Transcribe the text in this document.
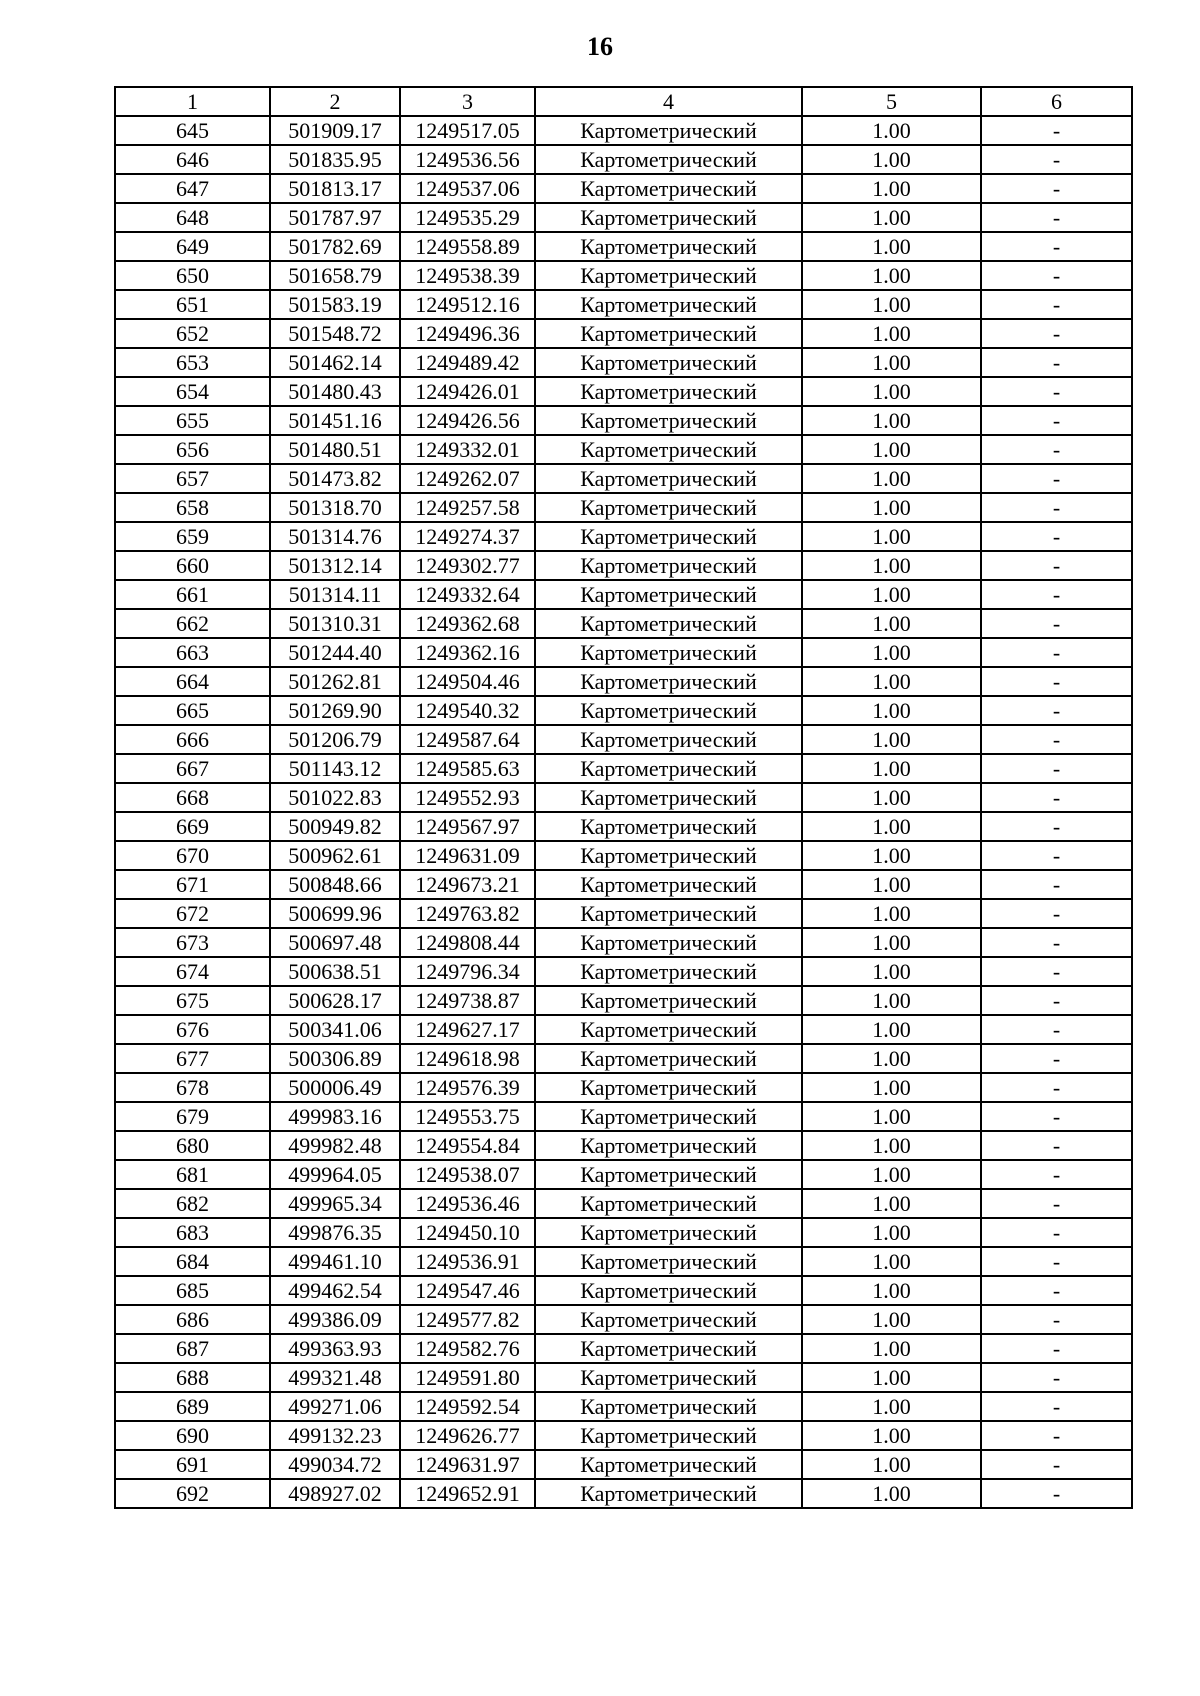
16
1	2	3	4	5	6
645	501909.17	1249517.05	Картометрический	1.00	-
646	501835.95	1249536.56	Картометрический	1.00	-
647	501813.17	1249537.06	Картометрический	1.00	-
648	501787.97	1249535.29	Картометрический	1.00	-
649	501782.69	1249558.89	Картометрический	1.00	-
650	501658.79	1249538.39	Картометрический	1.00	-
651	501583.19	1249512.16	Картометрический	1.00	-
652	501548.72	1249496.36	Картометрический	1.00	-
653	501462.14	1249489.42	Картометрический	1.00	-
654	501480.43	1249426.01	Картометрический	1.00	-
655	501451.16	1249426.56	Картометрический	1.00	-
656	501480.51	1249332.01	Картометрический	1.00	-
657	501473.82	1249262.07	Картометрический	1.00	-
658	501318.70	1249257.58	Картометрический	1.00	-
659	501314.76	1249274.37	Картометрический	1.00	-
660	501312.14	1249302.77	Картометрический	1.00	-
661	501314.11	1249332.64	Картометрический	1.00	-
662	501310.31	1249362.68	Картометрический	1.00	-
663	501244.40	1249362.16	Картометрический	1.00	-
664	501262.81	1249504.46	Картометрический	1.00	-
665	501269.90	1249540.32	Картометрический	1.00	-
666	501206.79	1249587.64	Картометрический	1.00	-
667	501143.12	1249585.63	Картометрический	1.00	-
668	501022.83	1249552.93	Картометрический	1.00	-
669	500949.82	1249567.97	Картометрический	1.00	-
670	500962.61	1249631.09	Картометрический	1.00	-
671	500848.66	1249673.21	Картометрический	1.00	-
672	500699.96	1249763.82	Картометрический	1.00	-
673	500697.48	1249808.44	Картометрический	1.00	-
674	500638.51	1249796.34	Картометрический	1.00	-
675	500628.17	1249738.87	Картометрический	1.00	-
676	500341.06	1249627.17	Картометрический	1.00	-
677	500306.89	1249618.98	Картометрический	1.00	-
678	500006.49	1249576.39	Картометрический	1.00	-
679	499983.16	1249553.75	Картометрический	1.00	-
680	499982.48	1249554.84	Картометрический	1.00	-
681	499964.05	1249538.07	Картометрический	1.00	-
682	499965.34	1249536.46	Картометрический	1.00	-
683	499876.35	1249450.10	Картометрический	1.00	-
684	499461.10	1249536.91	Картометрический	1.00	-
685	499462.54	1249547.46	Картометрический	1.00	-
686	499386.09	1249577.82	Картометрический	1.00	-
687	499363.93	1249582.76	Картометрический	1.00	-
688	499321.48	1249591.80	Картометрический	1.00	-
689	499271.06	1249592.54	Картометрический	1.00	-
690	499132.23	1249626.77	Картометрический	1.00	-
691	499034.72	1249631.97	Картометрический	1.00	-
692	498927.02	1249652.91	Картометрический	1.00	-
